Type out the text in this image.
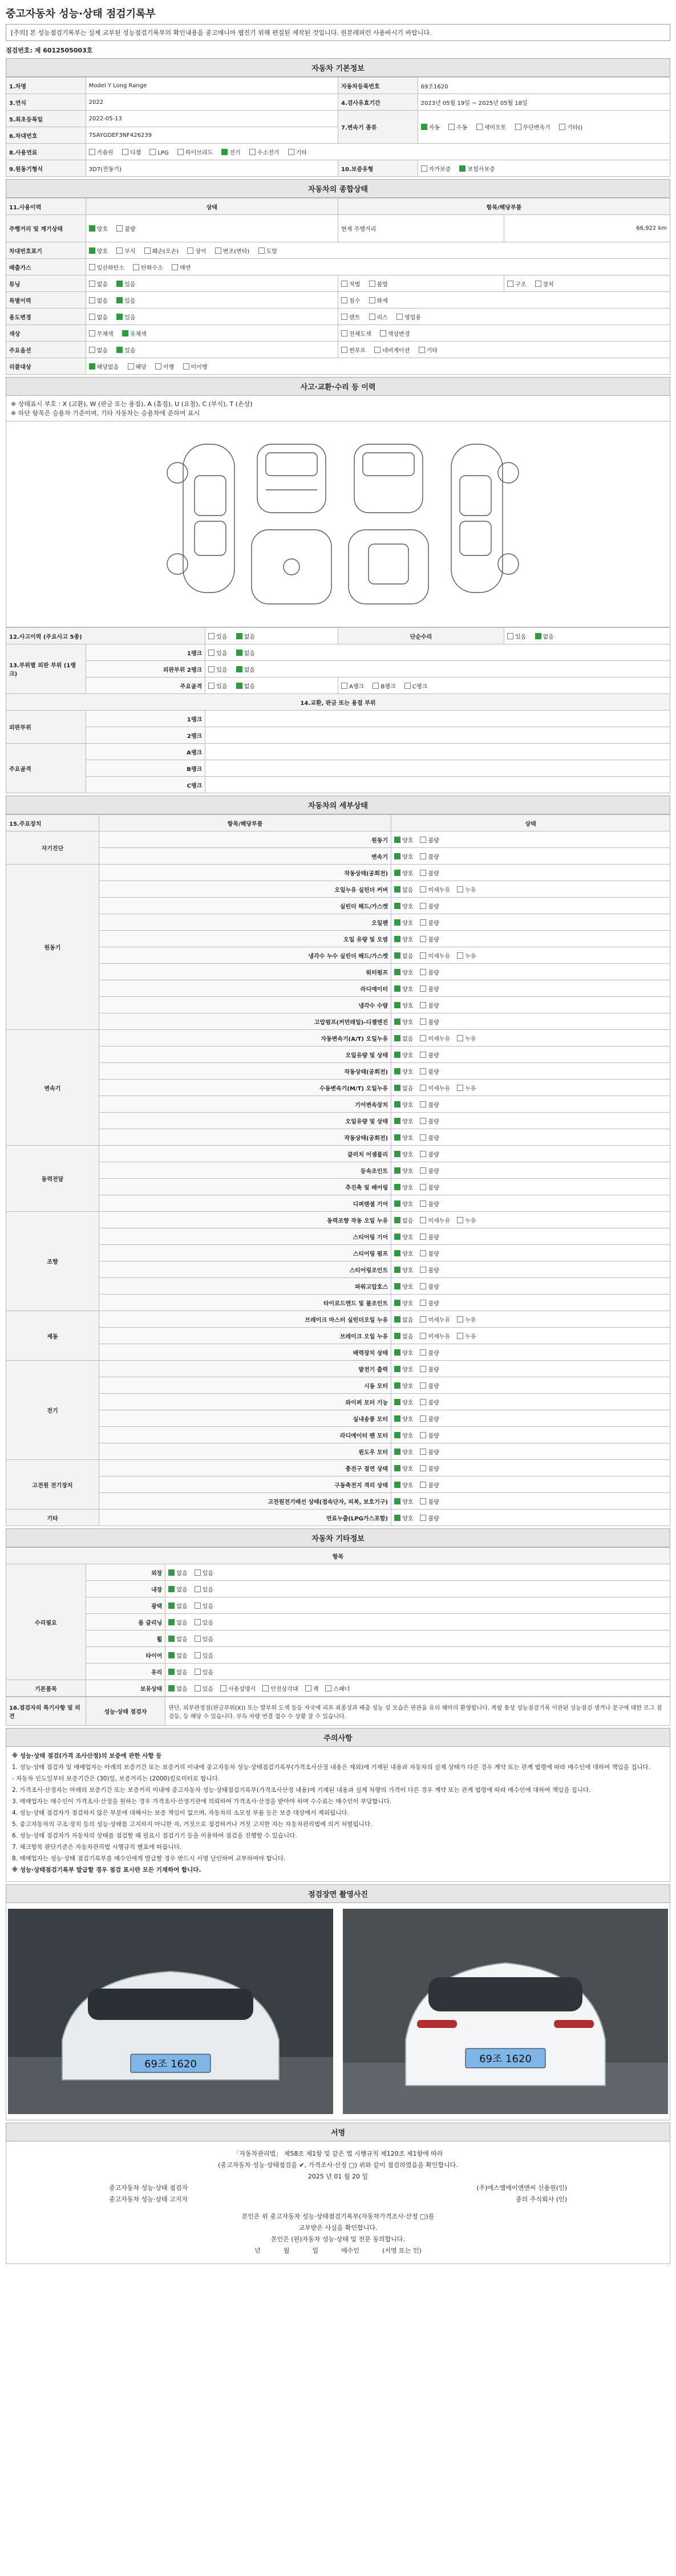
중고자동차 성능·상태 점검기록부
[주의] 본 성능점검기록부는 실제 교부된 성능점검기록부의 확인내용을 중고매니아 웹진기 위해 편집된 제작된 것입니다. 원본레퍼런 사용바시기 바랍니다.
점검번호: 제 6012505003호
자동차 기본정보
1.차명	Model Y Long Range	자동차등록번호	69조1620
3.연식	2022	4.검사유효기간	2023년 05월 19일 ~ 2025년 05월 18일
5.최초등록일	2022-05-13	7.변속기 종류	자동 수동 세미오토 무단변속기 기타()
6.차대번호	7SAYGDEF3NF426239		
8.사용연료	가솔린 디젤 LPG 하이브리드 전기 수소전기 기타		
9.원동기형식	3D7(전동기)	10.보증유형	자가보증 보험사보증
자동차의 종합상태
11.사용이력	상태	항목/해당부품	
주행거리 및 계기상태	양호 불량	현재 주행거리	66,922 km
차대번호표기	양호 부식 훼손(오손) 상이 변조(변타) 도말		
배출가스	일산화탄소 탄화수소 매연		
튜닝	없음 있음	적법 불법	구조 장치
특별이력	없음 있음	침수 화재	
용도변경	없음 있음	렌트 리스 영업용	
색상	무채색 유채색	전체도색 색상변경	
주요옵션	없음 있음	썬루프 네비게이션 기타	
리콜대상	해당없음 해당 이행 미이행		
사고·교환·수리 등 이력
※ 상태표시 부호 : X (교환), W (판금 또는 용접), A (흠집), U (요철), C (부식), T (손상)
※ 하단 항목은 승용차 기준이며, 기타 자동차는 승용차에 준하여 표시
12.사고이력 (주요사고 5종)		있음 없음	단순수리	있음 없음
13.부위별 외판 부위 (1랭크)	1랭크	있음 없음		
	외판부위 2랭크	있음 없음		
	주요골격	있음 없음	A랭크 B랭크 C랭크	
14.교환, 판금 또는 용접 부위				
외판부위	1랭크			
	2랭크			
주요골격	A랭크			
	B랭크			
	C랭크			
자동차의 세부상태
15.주요장치	항목/해당부품	상태
자기진단	원동기	양호 불량
	변속기	양호 불량
원동기	작동상태(공회전)	양호 불량
	오일누유 실린더 커버	없음 미세누유 누유
	실린더 헤드/가스켓	양호 불량
	오일팬	양호 불량
	오일 유량 및 오염	양호 불량
	냉각수 누수 실린더 헤드/가스켓	없음 미세누유 누유
	워터펌프	양호 불량
	라디에이터	양호 불량
	냉각수 수량	양호 불량
	고압펌프(커먼레일)-디젤엔진	양호 불량
변속기	자동변속기(A/T) 오일누유	없음 미세누유 누유
	오일유량 및 상태	양호 불량
	작동상태(공회전)	양호 불량
	수동변속기(M/T) 오일누유	없음 미세누유 누유
	기어변속장치	양호 불량
	오일유량 및 상태	양호 불량
	작동상태(공회전)	양호 불량
동력전달	클러치 어셈블리	양호 불량
	등속조인트	양호 불량
	추진축 및 베어링	양호 불량
	디퍼렌셜 기어	양호 불량
조향	동력조향 작동 오일 누유	없음 미세누유 누유
	스티어링 기어	양호 불량
	스티어링 펌프	양호 불량
	스티어링조인트	양호 불량
	파워고압호스	양호 불량
	타이로드엔드 및 볼조인트	양호 불량
제동	브레이크 마스터 실린더오일 누유	없음 미세누유 누유
	브레이크 오일 누유	없음 미세누유 누유
	배력장치 상태	양호 불량
전기	발전기 출력	양호 불량
	시동 모터	양호 불량
	와이퍼 모터 기능	양호 불량
	실내송풍 모터	양호 불량
	라디에이터 팬 모터	양호 불량
	윈도우 모터	양호 불량
고전원 전기장치	충전구 절연 상태	양호 불량
	구동축전지 격리 상태	양호 불량
	고전원전기배선 상태(접속단자, 피복, 보호기구)	양호 불량
기타	연료누출(LPG가스포함)	양호 불량
자동차 기타정보
항목		
수리필요	외장	없음 있음
	내장	없음 있음
	광택	없음 있음
	룸 클리닝	없음 있음
	휠	없음 있음
	타이어	없음 있음
	유리	없음 있음
기본품목	보유상태	없음 있음 사용설명서 안전삼각대 잭 스패너
16.점검자의 특기사항 및 의견	성능·상태 점검자	판단, 외부판정점(판금부위(X)) 또는 발부위 도색 등등 자국에 리프 최종성과 배출 성능 설 모습은 판관을 유의 해마의 환영합니다. 복합 통상 성능점검기록 이관된 성능점검 생겨나 문구에 대한 로그 점검등, 등 해당 수 있습니다. 부득 차량 연결 접수 수 상황 잘 수 있습니다.
주의사항

※ 성능·상태 점검(가격 조사산정)의 보증에 관한 사항 등

1. 성능·상태 점검자 및 매매업자는 아래의 보증기간 또는 보증거리 이내에 중고자동차 성능·상태점검기록부(가격조사산정 내용은 제외)에 기재된 내용과 자동차의 실제 상태가 다른 경우 계약 또는 관계 법령에 따라 매수인에 대하여 책임을 집니다.

- 자동차 인도일부터 보증기간은 (30)일, 보증거리는 (2000)킬로미터로 합니다.

2. 가격조사·산정자는 아래의 보증기간 또는 보증거리 이내에 중고자동차 성능·상태점검기록부(가격조사산정 내용)에 기재된 내용과 실제 차량의 가격이 다른 경우 계약 또는 관계 법령에 따라 매수인에 대하여 책임을 집니다.

3. 매매업자는 매수인이 가격조사·산정을 원하는 경우 가격조사·산정기관에 의뢰하여 가격조사·산정을 받아야 하며 수수료는 매수인이 부담합니다.

4. 성능·상태 점검자가 점검하지 않은 부분에 대해서는 보증 책임이 없으며, 자동차의 소모성 부품 등은 보증 대상에서 제외됩니다.

5. 중고자동차의 구조·장치 등의 성능·상태를 고지하지 아니한 자, 거짓으로 점검하거나 거짓 고지한 자는 자동차관리법에 의거 처벌됩니다.

6. 성능·상태 점검자가 자동차의 상태를 점검할 때 필요시 점검기기 등을 이용하여 점검을 진행할 수 있습니다.

7. 체크항목 판단기준은 자동차관리법 시행규칙 별표에 따릅니다.

8. 매매업자는 성능·상태 점검기록부를 매수인에게 발급할 경우 반드시 서명 날인하여 교부하여야 합니다.

※ 성능·상태점검기록부 발급할 경우 점검 표시란 모든 기재하여 합니다.

점검장면 촬영사진
69조 1620	69조 1620
서명
「자동차관리법」 제58조 제1항 및 같은 법 시행규칙 제120조 제1항에 따라
(중고자동차 성능·상태점검을 ✔, 가격조사·산정 □) 위와 같이 점검하였음을 확인합니다.
2025 년 01 월 20 일
중고자동차 성능·상태 점검자	(주)에스엠에이앤앤씨 신용원(인)
중고자동차 성능·상태 고지자	종의 주식회사 (인)
본인은 위 중고자동차 성능·상태점검기록부(자동차가격조사·산정 □)를
교부받은 사실을 확인합니다.
본인은 (원)자동차 성능·상태 및 전문 동의합니다.
년	월	일	매수인	(서명 또는 인)
